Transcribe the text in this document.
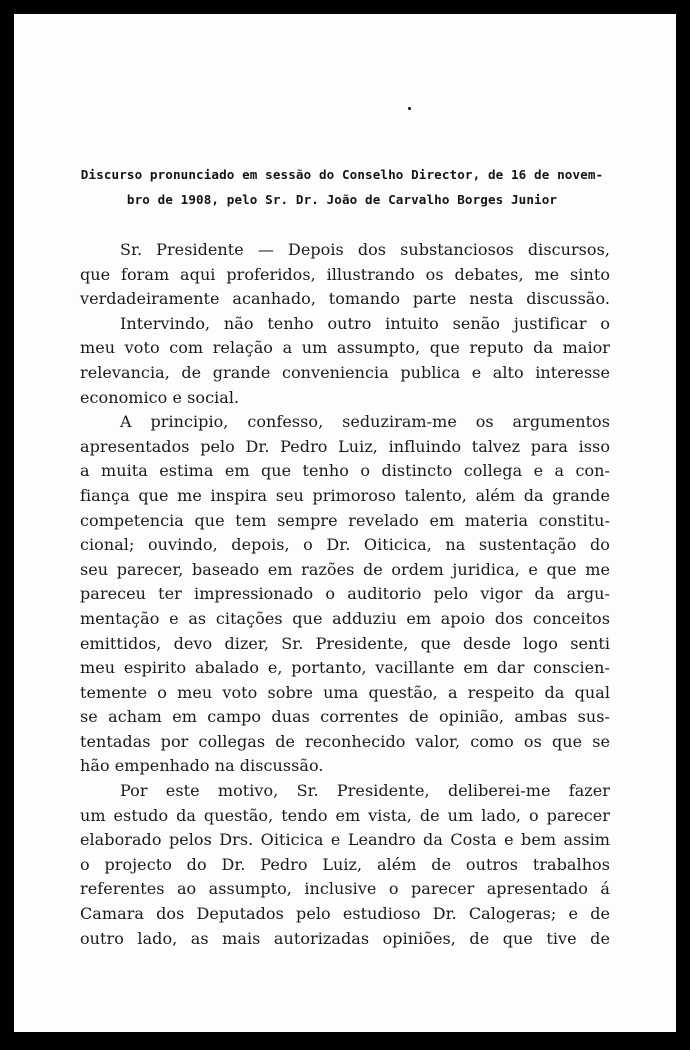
Discurso pronunciado em sessão do Conselho Director, de 16 de novem-
bro de 1908, pelo Sr. Dr. João de Carvalho Borges Junior
Sr. Presidente — Depois dos substanciosos discursos,
que foram aqui proferidos, illustrando os debates, me sinto
verdadeiramente acanhado, tomando parte nesta discussão.
Intervindo, não tenho outro intuito senão justificar o
meu voto com relação a um assumpto, que reputo da maior
relevancia, de grande conveniencia publica e alto interesse
economico e social.
A principio, confesso, seduziram-me os argumentos
apresentados pelo Dr. Pedro Luiz, influindo talvez para isso
a muita estima em que tenho o distincto collega e a con-
fiança que me inspira seu primoroso talento, além da grande
competencia que tem sempre revelado em materia constitu-
cional; ouvindo, depois, o Dr. Oiticica, na sustentação do
seu parecer, baseado em razões de ordem juridica, e que me
pareceu ter impressionado o auditorio pelo vigor da argu-
mentação e as citações que adduziu em apoio dos conceitos
emittidos, devo dizer, Sr. Presidente, que desde logo senti
meu espirito abalado e, portanto, vacillante em dar conscien-
temente o meu voto sobre uma questão, a respeito da qual
se acham em campo duas correntes de opinião, ambas sus-
tentadas por collegas de reconhecido valor, como os que se
hão empenhado na discussão.
Por este motivo, Sr. Presidente, deliberei-me fazer
um estudo da questão, tendo em vista, de um lado, o parecer
elaborado pelos Drs. Oiticica e Leandro da Costa e bem assim
o projecto do Dr. Pedro Luiz, além de outros trabalhos
referentes ao assumpto, inclusive o parecer apresentado á
Camara dos Deputados pelo estudioso Dr. Calogeras; e de
outro lado, as mais autorizadas opiniões, de que tive de
